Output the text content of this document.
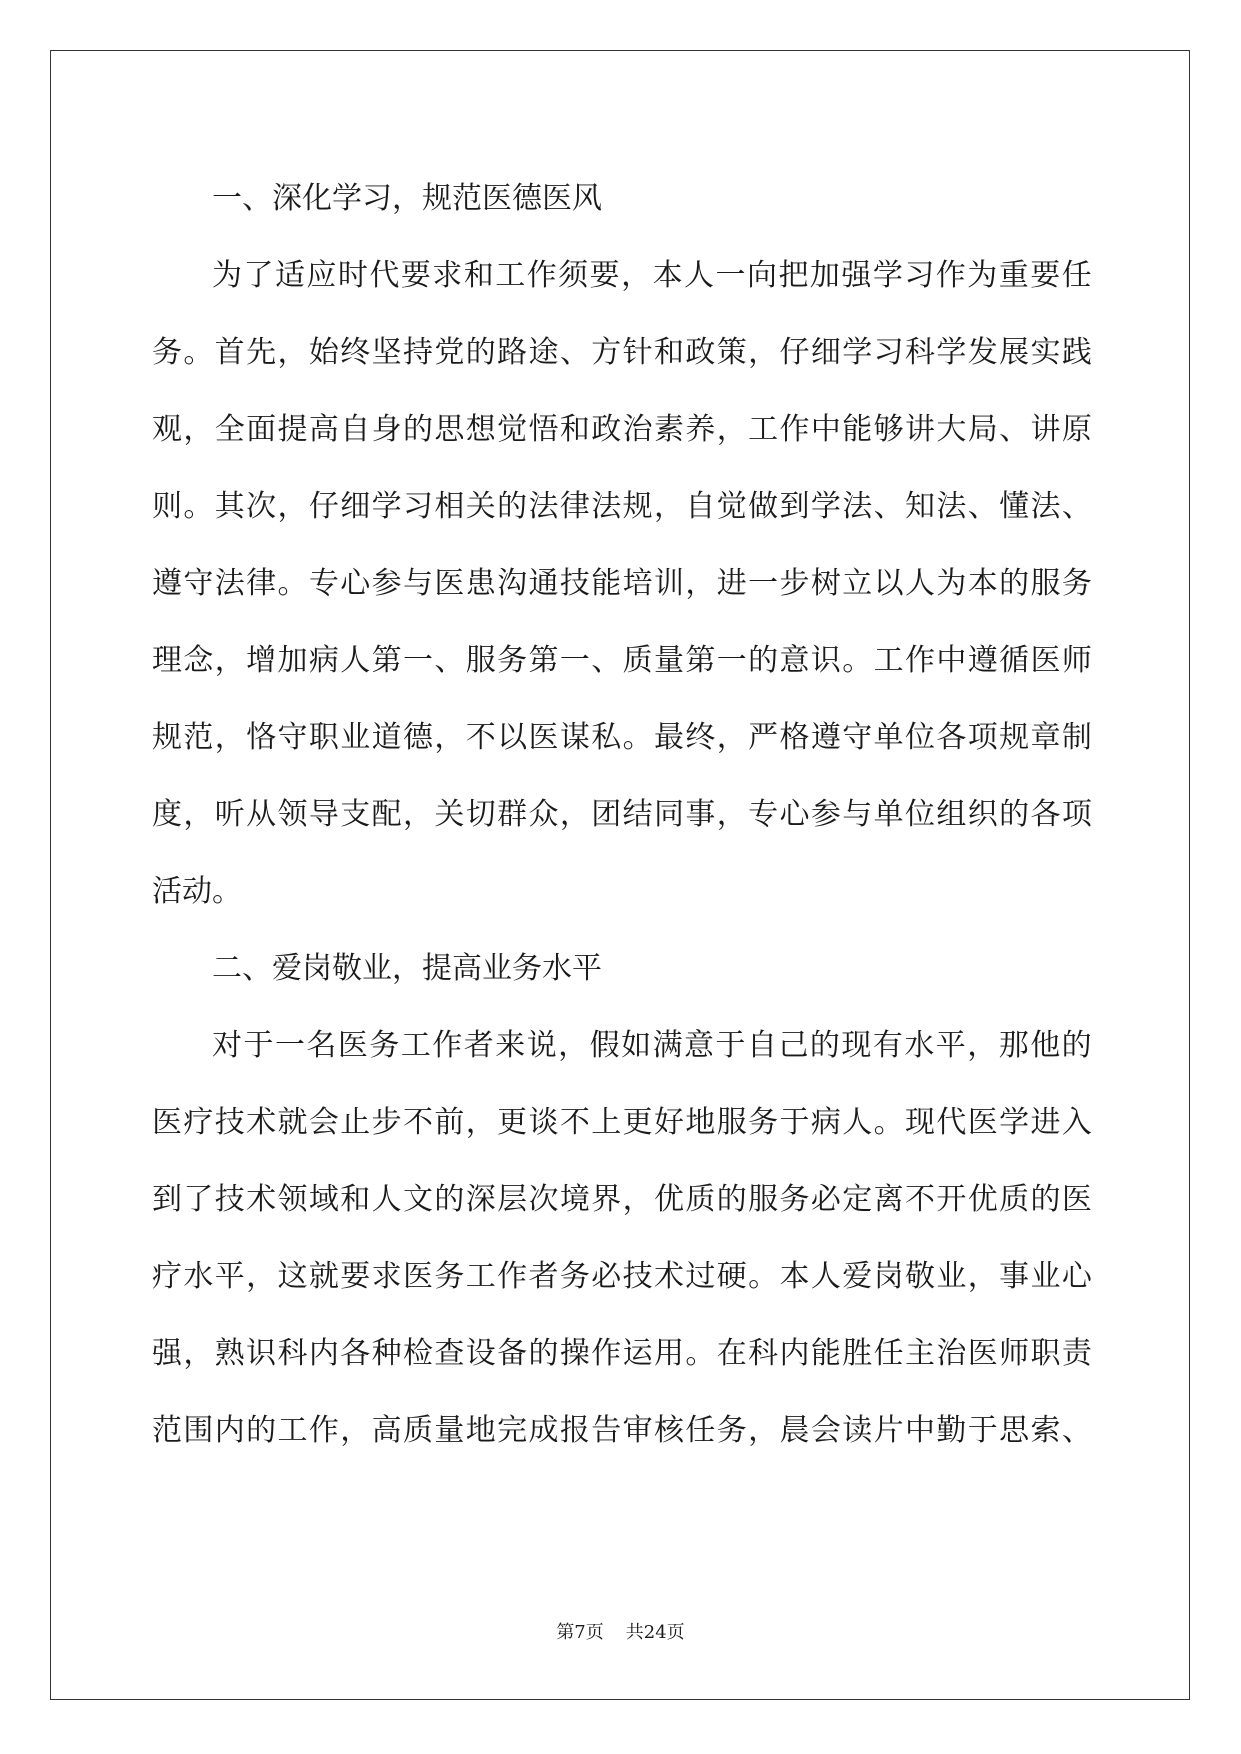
一、深化学习，规范医德医风
为 了 适 应 时 代 要 求 和 工 作 须 要 ， 本 人 一 向 把 加 强 学 习 作 为 重 要 任
务 。 首 先 ， 始 终 坚 持 党 的 路 途 、 方 针 和 政 策 ， 仔 细 学 习 科 学 发 展 实 践
观 ， 全 面 提 高 自 身 的 思 想 觉 悟 和 政 治 素 养 ， 工 作 中 能 够 讲 大 局 、 讲 原
则 。 其 次 ， 仔 细 学 习 相 关 的 法 律 法 规 ， 自 觉 做 到 学 法 、 知 法 、 懂 法 、
遵 守 法 律 。 专 心 参 与 医 患 沟 通 技 能 培 训 ， 进 一 步 树 立 以 人 为 本 的 服 务
理 念 ， 增 加 病 人 第 一 、 服 务 第 一 、 质 量 第 一 的 意 识 。 工 作 中 遵 循 医 师
规 范 ， 恪 守 职 业 道 德 ， 不 以 医 谋 私 。 最 终 ， 严 格 遵 守 单 位 各 项 规 章 制
度 ， 听 从 领 导 支 配 ， 关 切 群 众 ， 团 结 同 事 ， 专 心 参 与 单 位 组 织 的 各 项
活动。
二、爱岗敬业，提高业务水平
对 于 一 名 医 务 工 作 者 来 说 ， 假 如 满 意 于 自 己 的 现 有 水 平 ， 那 他 的
医 疗 技 术 就 会 止 步 不 前 ， 更 谈 不 上 更 好 地 服 务 于 病 人 。 现 代 医 学 进 入
到 了 技 术 领 域 和 人 文 的 深 层 次 境 界 ， 优 质 的 服 务 必 定 离 不 开 优 质 的 医
疗 水 平 ， 这 就 要 求 医 务 工 作 者 务 必 技 术 过 硬 。 本 人 爱 岗 敬 业 ， 事 业 心
强 ， 熟 识 科 内 各 种 检 查 设 备 的 操 作 运 用 。 在 科 内 能 胜 任 主 治 医 师 职 责
范 围 内 的 工 作 ， 高 质 量 地 完 成 报 告 审 核 任 务 ， 晨 会 读 片 中 勤 于 思 索 、
第7页 共24页
